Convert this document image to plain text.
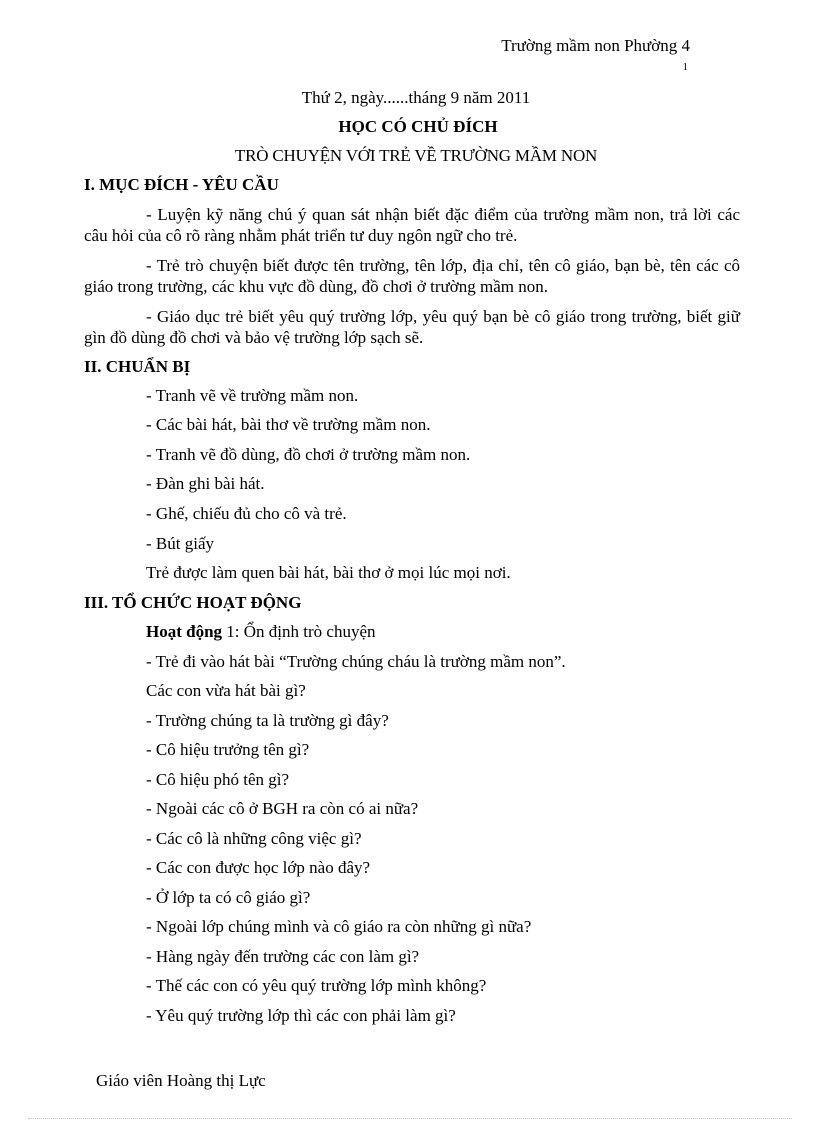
Trường mầm non Phường 4
1
Thứ 2, ngày......tháng 9 năm 2011
HỌC CÓ CHỦ ĐÍCH
TRÒ CHUYỆN VỚI TRẺ VỀ TRƯỜNG MẦM NON
I. MỤC ĐÍCH - YÊU CẦU
- Luyện kỹ năng chú ý quan sát nhận biết đặc điểm của trường mầm non, trả lời các câu hỏi của cô rõ ràng nhằm phát triển tư duy ngôn ngữ cho trẻ.
- Trẻ trò chuyện biết được tên trường, tên lớp, địa chỉ, tên cô giáo, bạn bè, tên các cô giáo trong trường, các khu vực đồ dùng, đồ chơi ở trường mầm non.
- Giáo dục trẻ biết yêu quý trường lớp, yêu quý bạn bè cô giáo trong trường, biết giữ gìn đồ dùng đồ chơi và bảo vệ trường lớp sạch sẽ.
II. CHUẨN BỊ
- Tranh vẽ về trường mầm non.
- Các bài hát, bài thơ về trường mầm non.
- Tranh vẽ đồ dùng, đồ chơi ở trường mầm non.
- Đàn ghi bài hát.
- Ghế, chiếu đủ cho cô và trẻ.
- Bút giấy
Trẻ được làm quen bài hát, bài thơ ở mọi lúc mọi nơi.
III. TỔ CHỨC HOẠT ĐỘNG
Hoạt động 1: Ổn định trò chuyện
- Trẻ đi vào hát bài “Trường chúng cháu là trường mầm non”.
Các con vừa hát bài gì?
- Trường chúng ta là trường gì đây?
- Cô hiệu trưởng tên gì?
- Cô hiệu phó tên gì?
- Ngoài các cô ở BGH ra còn có ai nữa?
- Các cô là những công việc gì?
- Các con được học lớp nào đây?
- Ở lớp ta có cô giáo gì?
- Ngoài lớp chúng mình và cô giáo ra còn những gì nữa?
- Hàng ngày đến trường các con làm gì?
- Thế các con có yêu quý trường lớp mình không?
- Yêu quý trường lớp thì các con phải làm gì?
Giáo viên Hoàng thị Lực
